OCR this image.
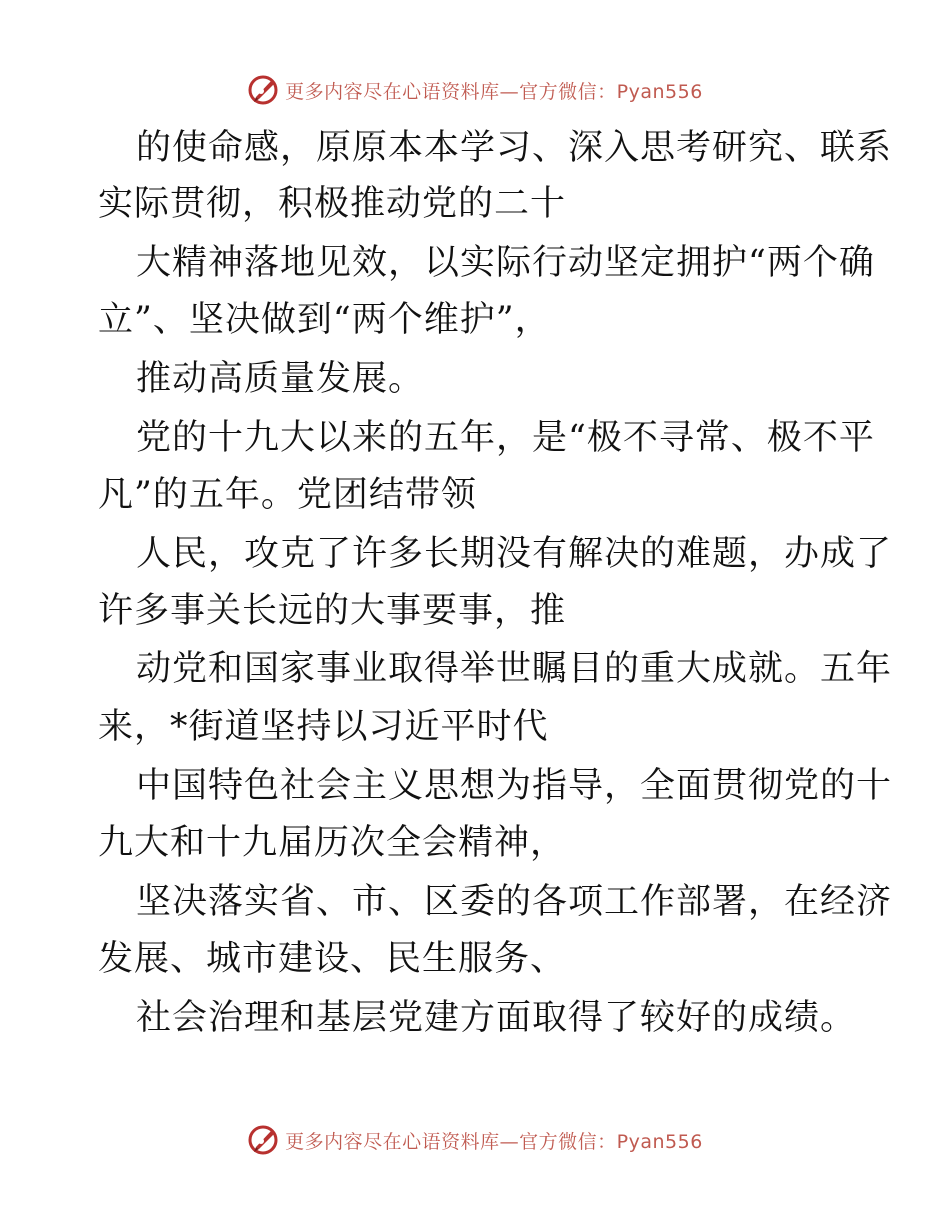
更多内容尽在心语资料库—官方微信：Pyan556
的使命感，原原本本学习、深入思考研究、联系
实际贯彻，积极推动党的二十
大精神落地见效，以实际行动坚定拥护“两个确
立”、坚决做到“两个维护”，
推动高质量发展。
党的十九大以来的五年，是“极不寻常、极不平
凡”的五年。党团结带领
人民，攻克了许多长期没有解决的难题，办成了
许多事关长远的大事要事，推
动党和国家事业取得举世瞩目的重大成就。五年
来，*街道坚持以习近平时代
中国特色社会主义思想为指导，全面贯彻党的十
九大和十九届历次全会精神，
坚决落实省、市、区委的各项工作部署，在经济
发展、城市建设、民生服务、
社会治理和基层党建方面取得了较好的成绩。
更多内容尽在心语资料库—官方微信：Pyan556
